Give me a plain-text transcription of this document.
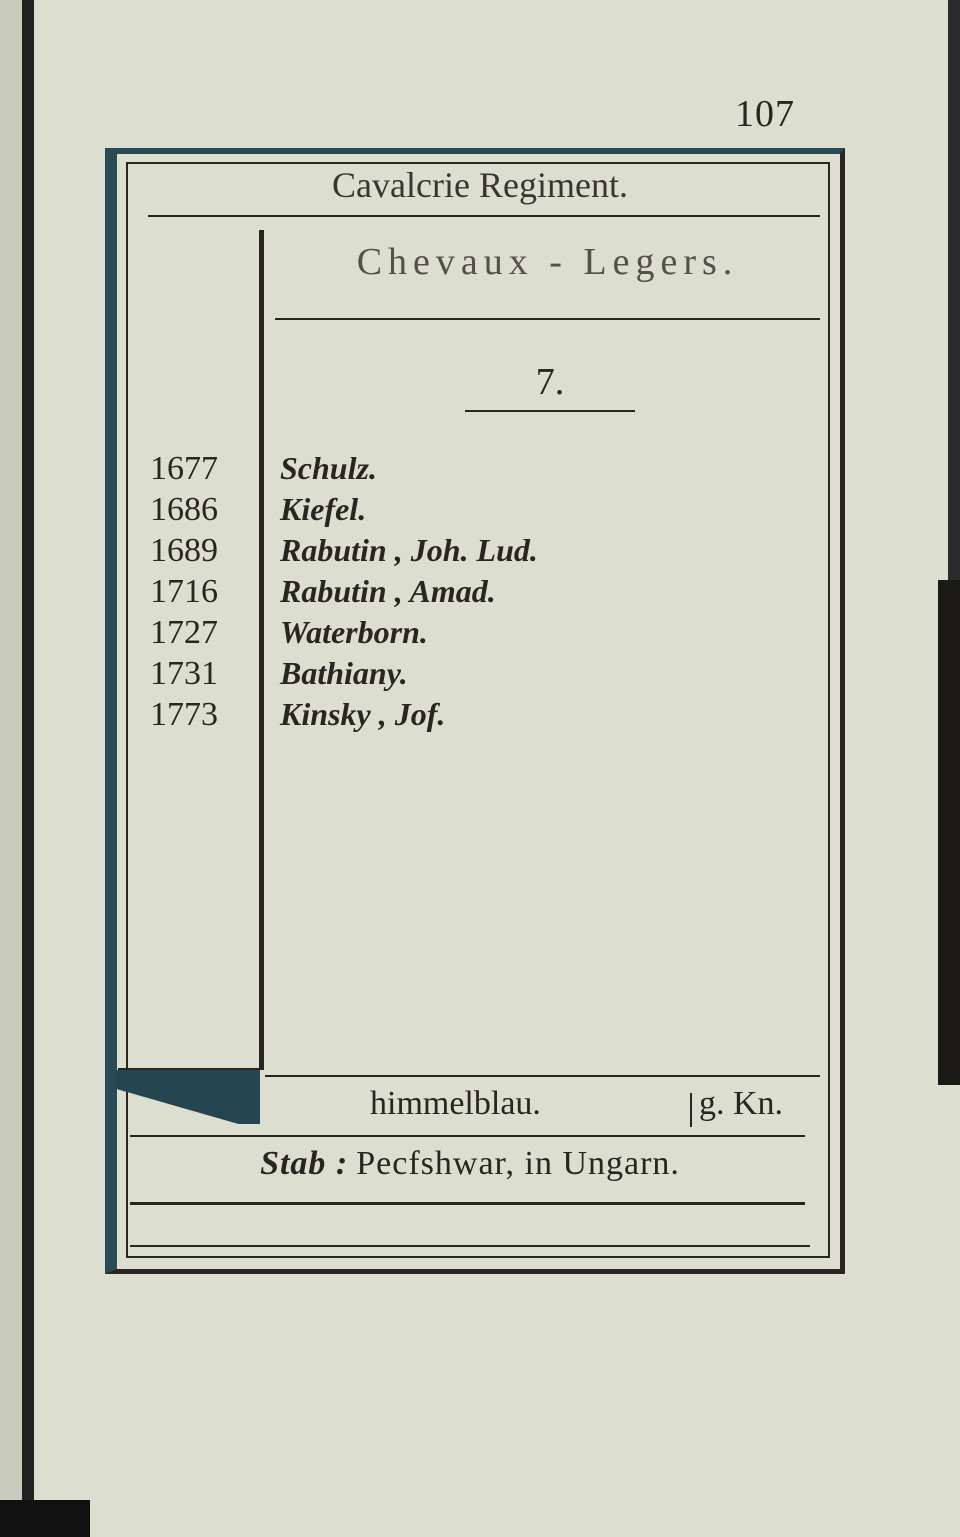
107
Cavalcrie Regiment.
Chevaux - Legers.
7.
1677
1686
1689
1716
1727
1731
1773
Schulz.
Kiefel.
Rabutin , Joh. Lud.
Rabutin , Amad.
Waterborn.
Bathiany.
Kinsky , Jof.
himmelblau.	g. Kn.
Stab : Pecfshwar, in Ungarn.
